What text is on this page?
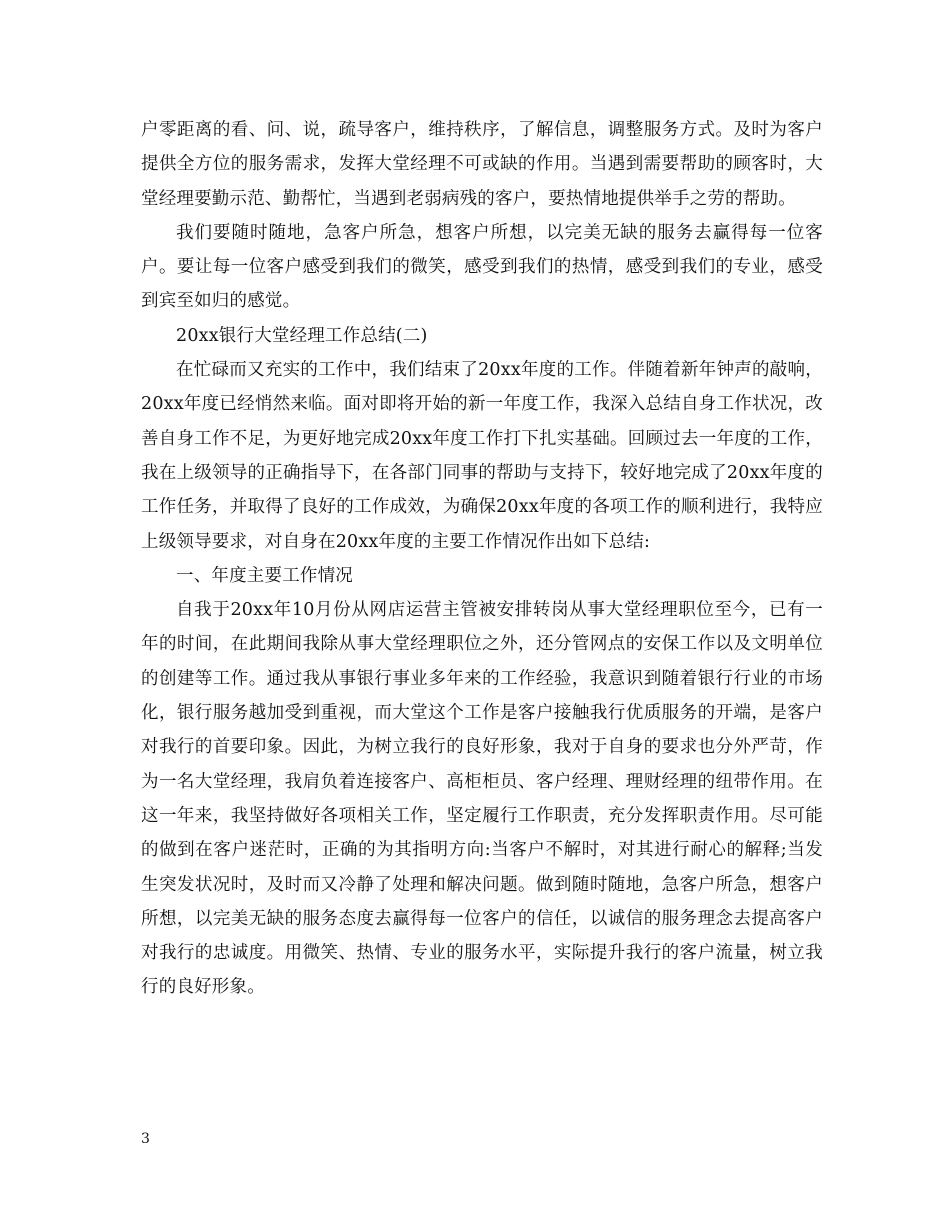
户零距离的看、问、说，疏导客户，维持秩序，了解信息，调整服务方式。及时为客户提供全方位的服务需求，发挥大堂经理不可或缺的作用。当遇到需要帮助的顾客时，大堂经理要勤示范、勤帮忙，当遇到老弱病残的客户，要热情地提供举手之劳的帮助。

我们要随时随地，急客户所急，想客户所想，以完美无缺的服务去赢得每一位客户。要让每一位客户感受到我们的微笑，感受到我们的热情，感受到我们的专业，感受到宾至如归的感觉。

20xx银行大堂经理工作总结(二)

在忙碌而又充实的工作中，我们结束了20xx年度的工作。伴随着新年钟声的敲响，20xx年度已经悄然来临。面对即将开始的新一年度工作，我深入总结自身工作状况，改善自身工作不足，为更好地完成20xx年度工作打下扎实基础。回顾过去一年度的工作，我在上级领导的正确指导下，在各部门同事的帮助与支持下，较好地完成了20xx年度的工作任务，并取得了良好的工作成效，为确保20xx年度的各项工作的顺利进行，我特应上级领导要求，对自身在20xx年度的主要工作情况作出如下总结:

一、年度主要工作情况

自我于20xx年10月份从网店运营主管被安排转岗从事大堂经理职位至今，已有一年的时间，在此期间我除从事大堂经理职位之外，还分管网点的安保工作以及文明单位的创建等工作。通过我从事银行事业多年来的工作经验，我意识到随着银行行业的市场化，银行服务越加受到重视，而大堂这个工作是客户接触我行优质服务的开端，是客户对我行的首要印象。因此，为树立我行的良好形象，我对于自身的要求也分外严苛，作为一名大堂经理，我肩负着连接客户、高柜柜员、客户经理、理财经理的纽带作用。在这一年来，我坚持做好各项相关工作，坚定履行工作职责，充分发挥职责作用。尽可能的做到在客户迷茫时，正确的为其指明方向:当客户不解时，对其进行耐心的解释;当发生突发状况时，及时而又冷静了处理和解决问题。做到随时随地，急客户所急，想客户所想，以完美无缺的服务态度去赢得每一位客户的信任，以诚信的服务理念去提高客户对我行的忠诚度。用微笑、热情、专业的服务水平，实际提升我行的客户流量，树立我行的良好形象。

3
